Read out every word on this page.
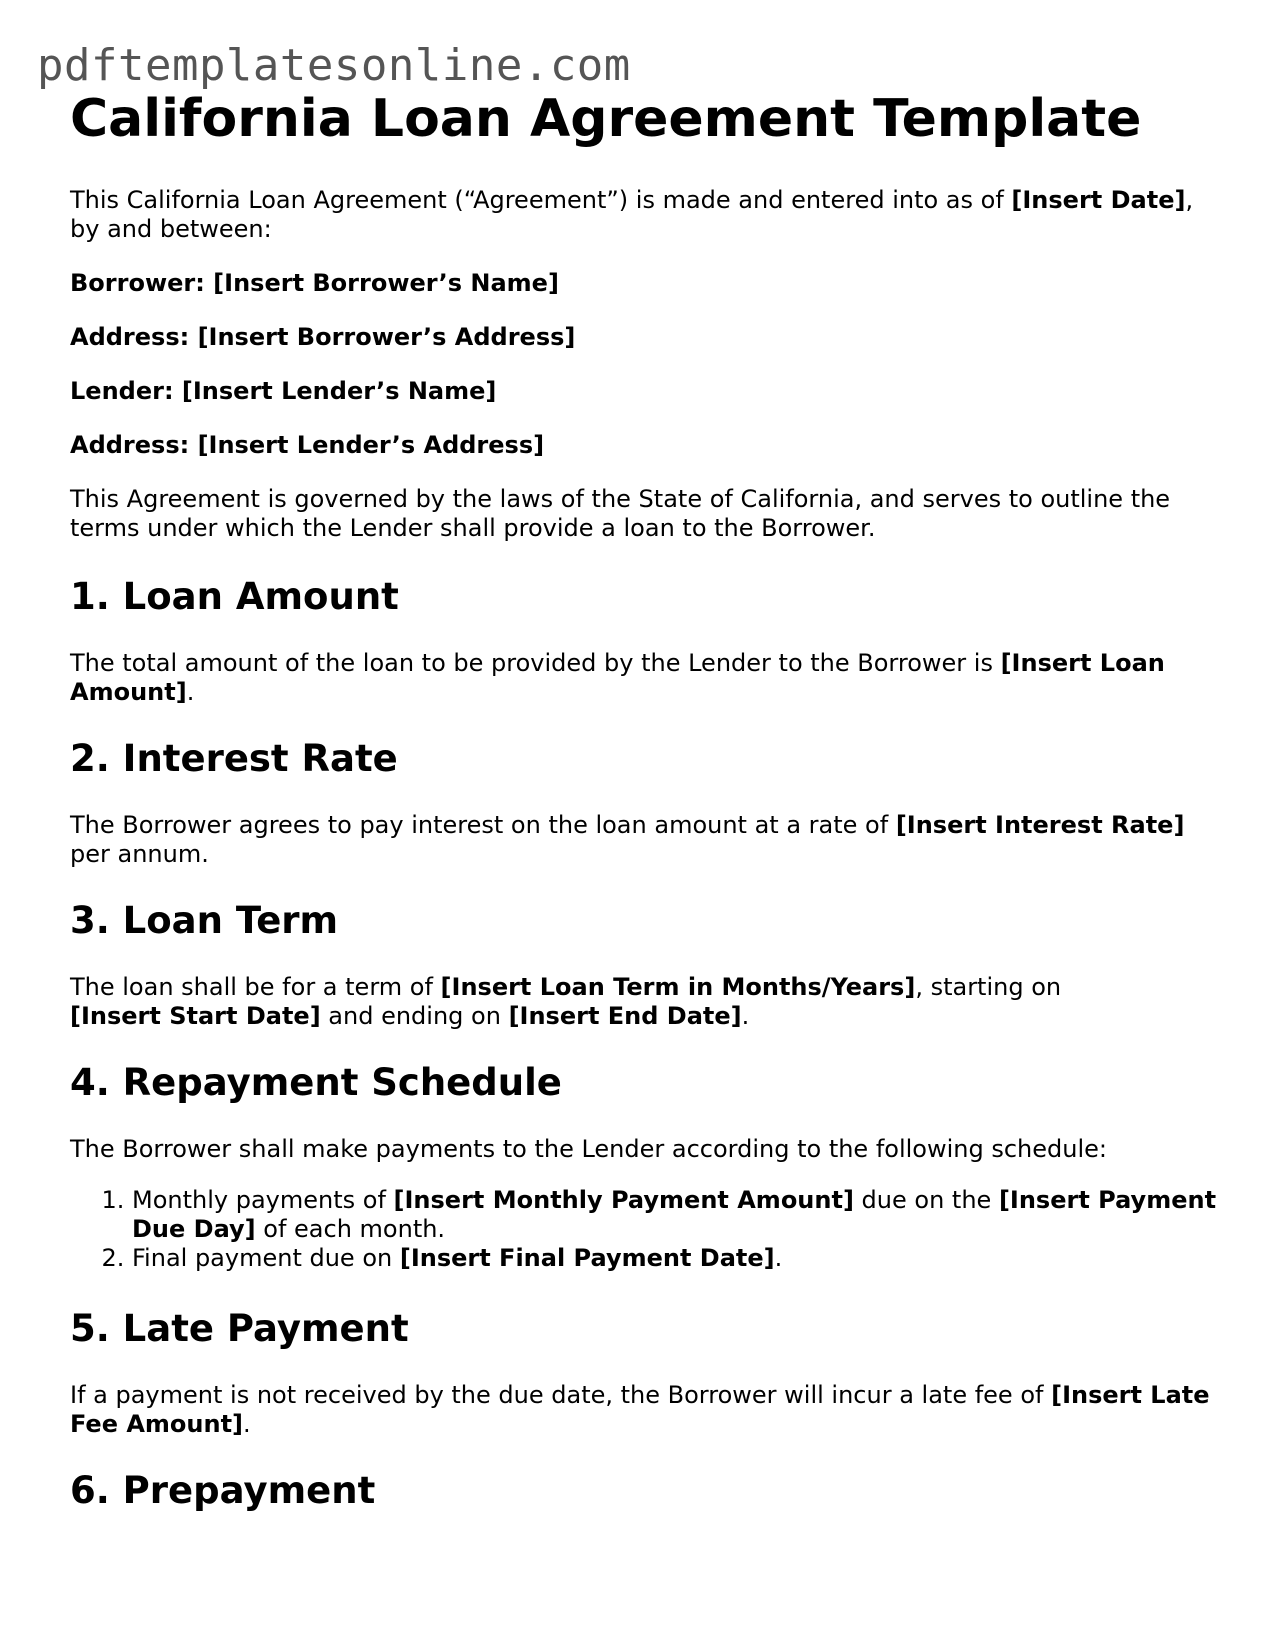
pdftemplatesonline.com
California Loan Agreement Template

This California Loan Agreement (“Agreement”) is made and entered into as of [Insert Date], by and between:

Borrower: [Insert Borrower’s Name]

Address: [Insert Borrower’s Address]

Lender: [Insert Lender’s Name]

Address: [Insert Lender’s Address]

This Agreement is governed by the laws of the State of California, and serves to outline the terms under which the Lender shall provide a loan to the Borrower.

1. Loan Amount

The total amount of the loan to be provided by the Lender to the Borrower is [Insert Loan Amount].

2. Interest Rate

The Borrower agrees to pay interest on the loan amount at a rate of [Insert Interest Rate] per annum.

3. Loan Term

The loan shall be for a term of [Insert Loan Term in Months/Years], starting on
[Insert Start Date] and ending on [Insert End Date].

4. Repayment Schedule

The Borrower shall make payments to the Lender according to the following schedule:

1. Monthly payments of [Insert Monthly Payment Amount] due on the [Insert Payment Due Day] of each month.
2. Final payment due on [Insert Final Payment Date].
5. Late Payment

If a payment is not received by the due date, the Borrower will incur a late fee of [Insert Late Fee Amount].

6. Prepayment
